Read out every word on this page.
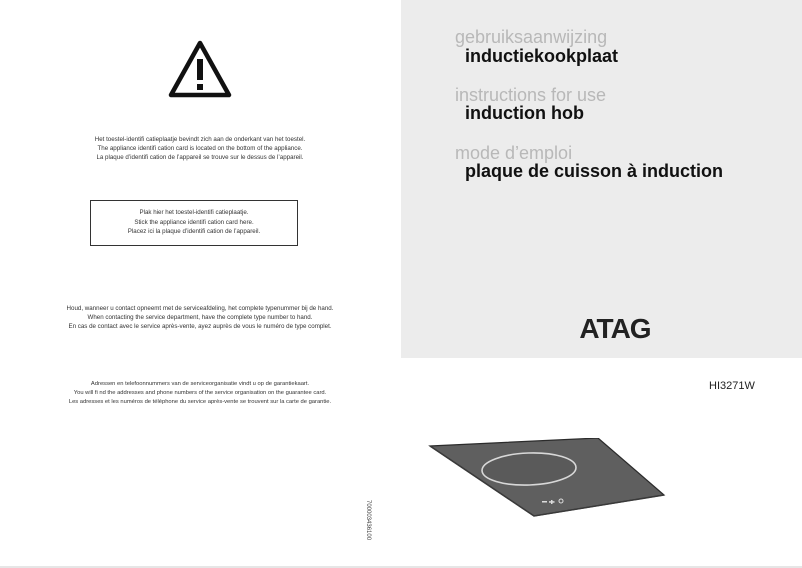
Het toestel-identifi catieplaatje bevindt zich aan de onderkant van het toestel.
The appliance identifi cation card is located on the bottom of the appliance.
La plaque d’identifi cation de l’appareil se trouve sur le dessus de l’appareil.
Plak hier het toestel-identifi catieplaatje.
Stick the appliance identifi cation card here.
Placez ici la plaque d’identifi cation de l’appareil.
Houd, wanneer u contact opneemt met de serviceafdeling, het complete typenummer bij de hand.
When contacting the service department, have the complete type number to hand.
En cas de contact avec le service après-vente, ayez auprès de vous le numéro de type complet.
Adressen en telefoonnummers van de serviceorganisatie vindt u op de garantiekaart.
You will fi nd the addresses and phone numbers of the service organisation on the guarantee card.
Les adresses et les numéros de téléphone du service après-vente se trouvent sur la carte de garantie.
700003436100
gebruiksaanwijzing
inductiekookplaat
instructions for use
induction hob
mode d’emploi
plaque de cuisson à induction
ATAG
HI3271W
